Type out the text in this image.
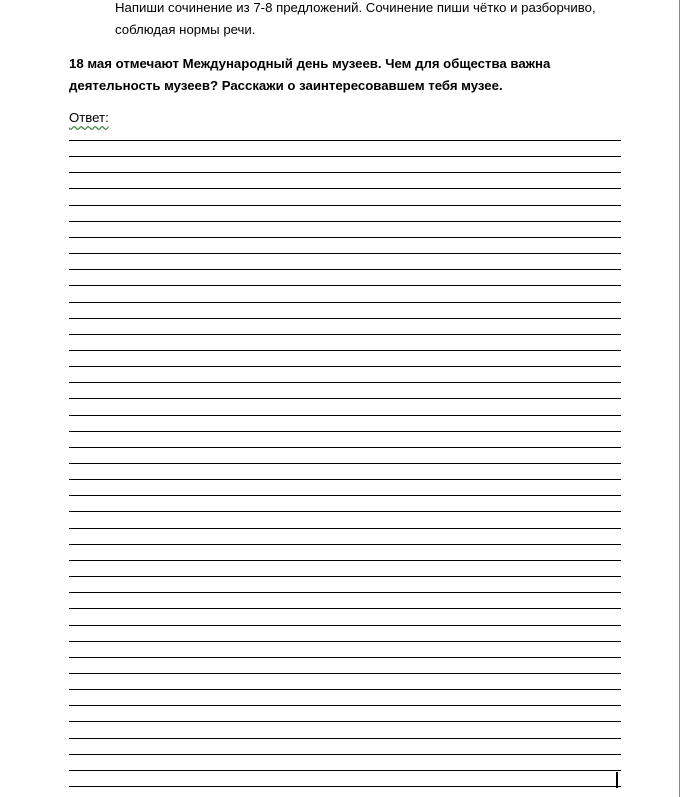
Напиши сочинение из 7-8 предложений. Сочинение пиши чётко и разборчиво, соблюдая нормы речи.

18 мая отмечают Международный день музеев. Чем для общества важна деятельность музеев? Расскажи о заинтересовавшем тебя музее.

Ответ:
